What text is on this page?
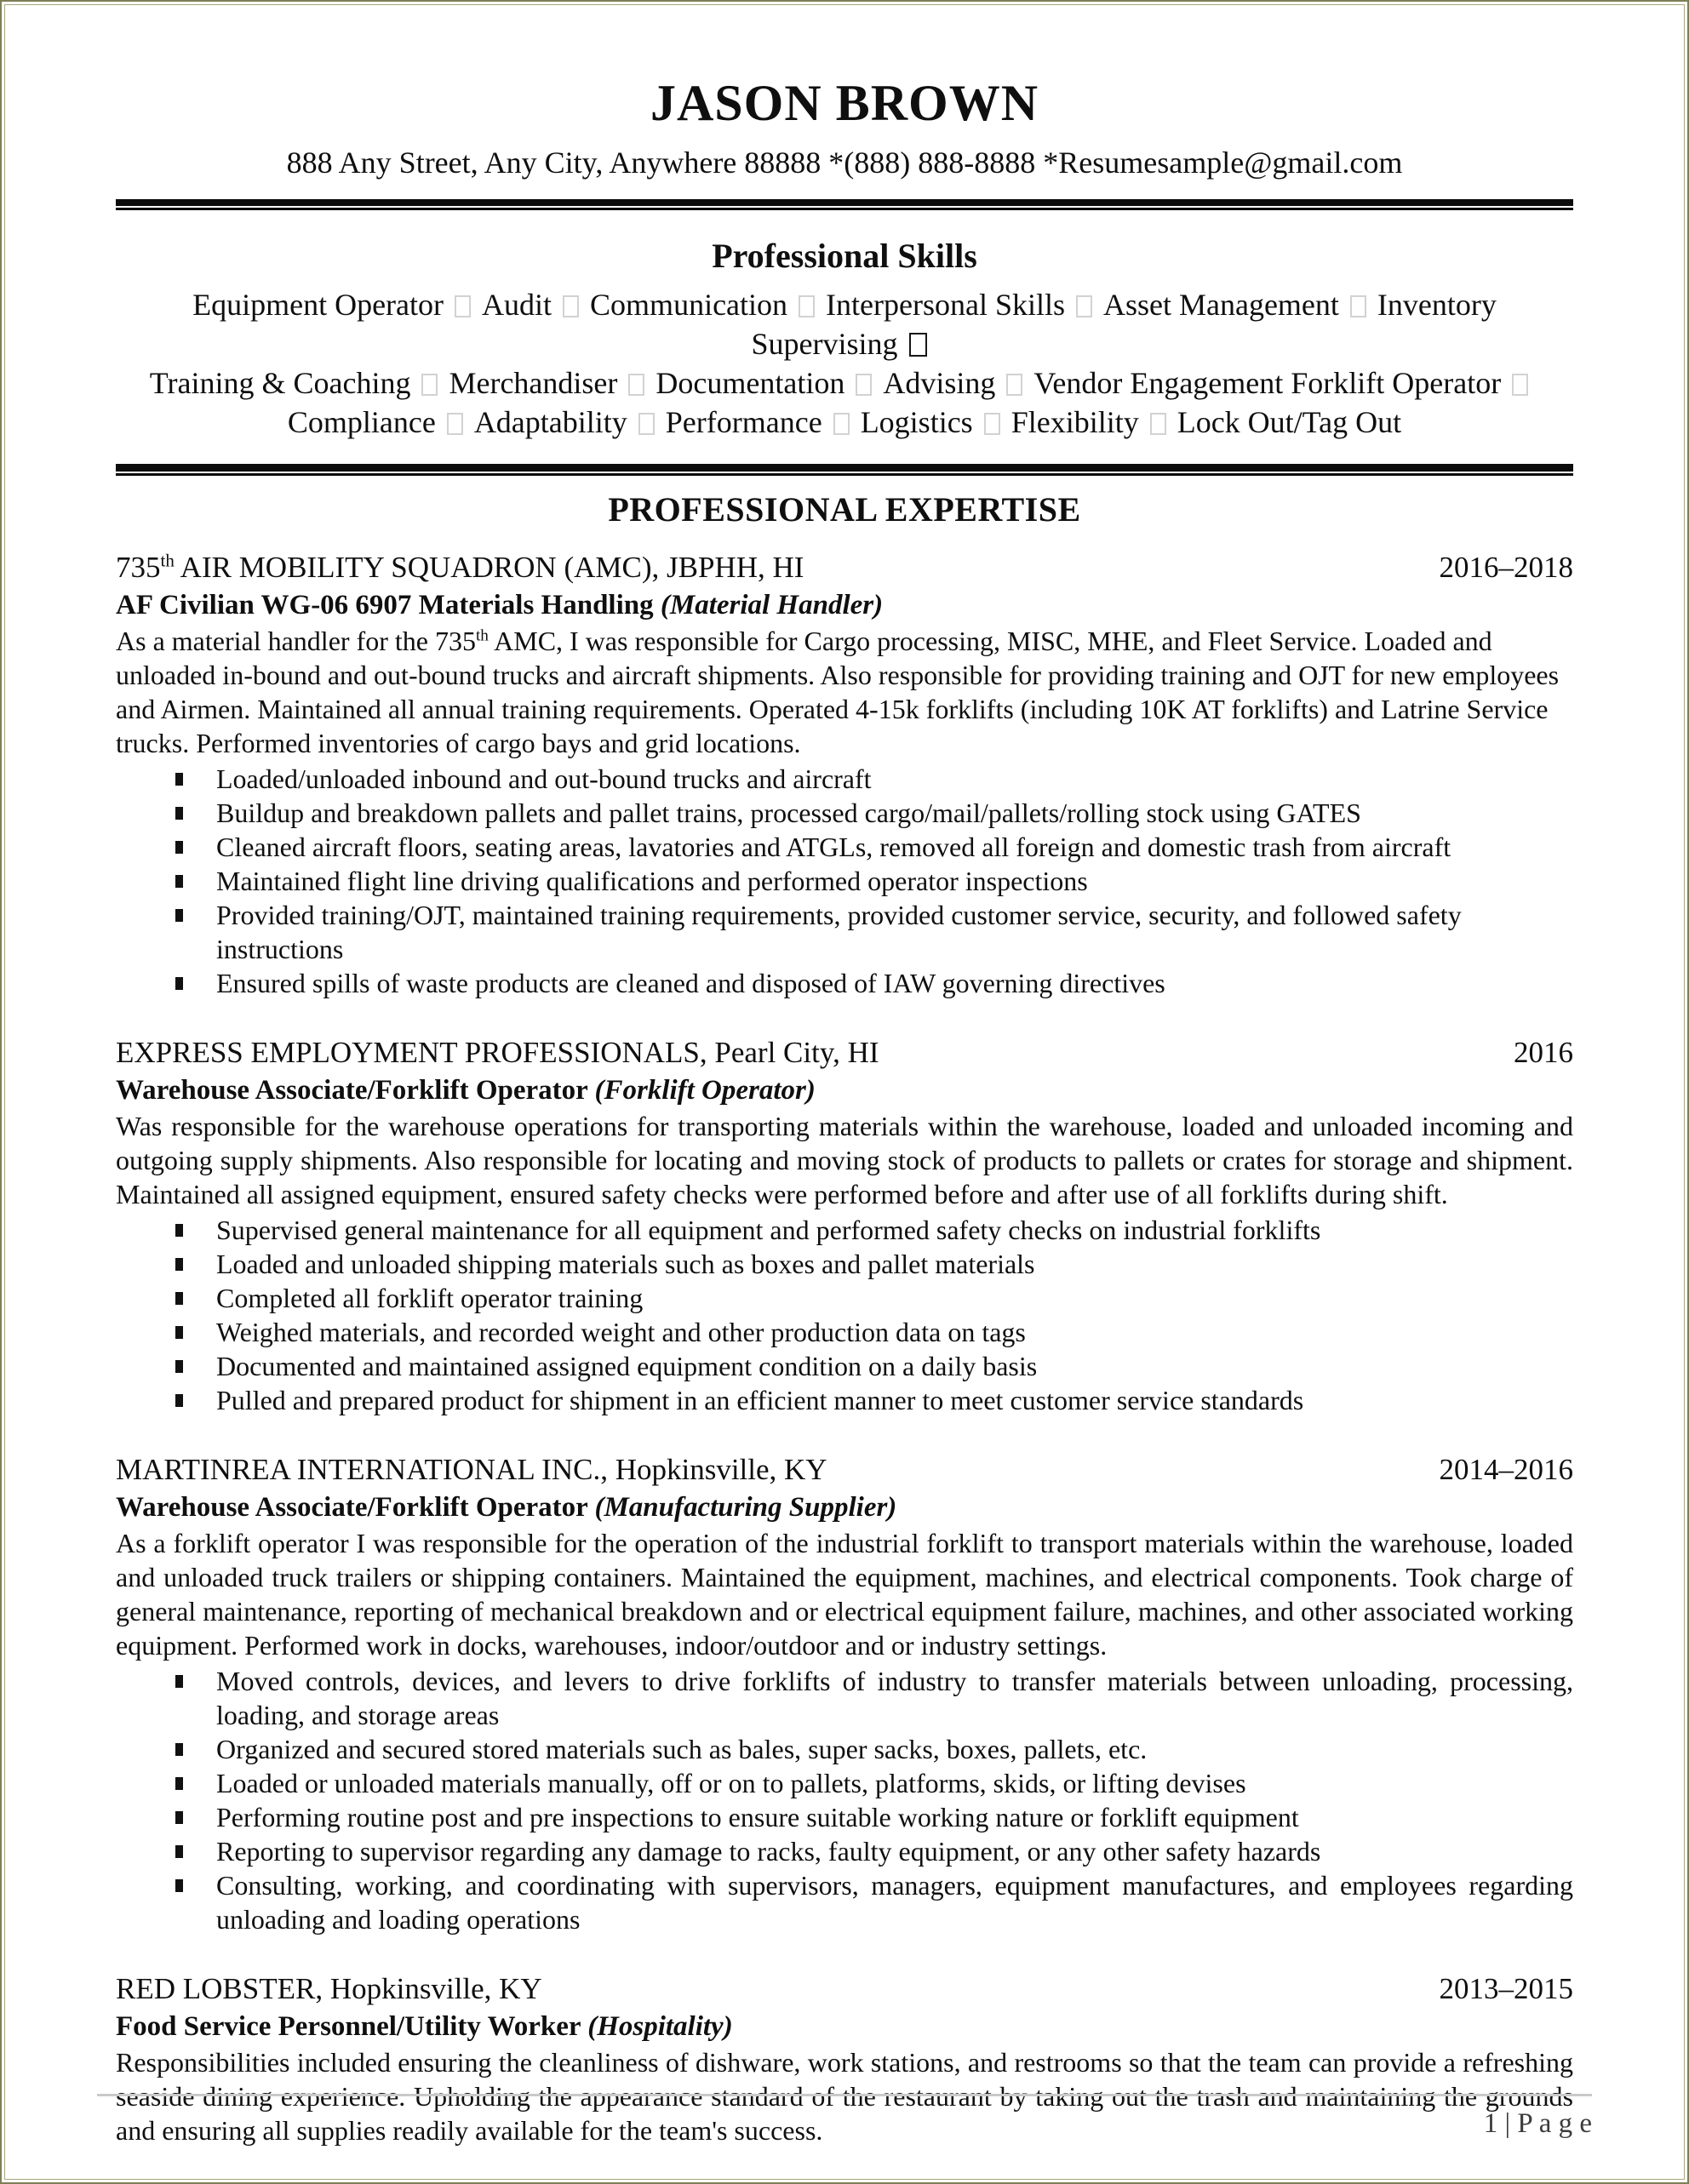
JASON BROWN
888 Any Street, Any City, Anywhere 88888 *(888) 888-8888 *Resumesample@gmail.com
Professional Skills
Equipment Operator Audit Communication Interpersonal Skills Asset Management Inventory Supervising
Training & Coaching Merchandiser Documentation Advising Vendor Engagement Forklift Operator
Compliance Adaptability Performance Logistics Flexibility Lock Out/Tag Out
PROFESSIONAL EXPERTISE
735th AIR MOBILITY SQUADRON (AMC), JBPHH, HI	2016–2018
AF Civilian WG-06 6907 Materials Handling (Material Handler)

As a material handler for the 735th AMC, I was responsible for Cargo processing, MISC, MHE, and Fleet Service. Loaded and unloaded in-bound and out-bound trucks and aircraft shipments. Also responsible for providing training and OJT for new employees and Airmen. Maintained all annual training requirements. Operated 4-15k forklifts (including 10K AT forklifts) and Latrine Service trucks. Performed inventories of cargo bays and grid locations.

Loaded/unloaded inbound and out-bound trucks and aircraft
Buildup and breakdown pallets and pallet trains, processed cargo/mail/pallets/rolling stock using GATES
Cleaned aircraft floors, seating areas, lavatories and ATGLs, removed all foreign and domestic trash from aircraft
Maintained flight line driving qualifications and performed operator inspections
Provided training/OJT, maintained training requirements, provided customer service, security, and followed safety instructions
Ensured spills of waste products are cleaned and disposed of IAW governing directives
EXPRESS EMPLOYMENT PROFESSIONALS, Pearl City, HI	2016
Warehouse Associate/Forklift Operator (Forklift Operator)

Was responsible for the warehouse operations for transporting materials within the warehouse, loaded and unloaded incoming and outgoing supply shipments. Also responsible for locating and moving stock of products to pallets or crates for storage and shipment. Maintained all assigned equipment, ensured safety checks were performed before and after use of all forklifts during shift.

Supervised general maintenance for all equipment and performed safety checks on industrial forklifts
Loaded and unloaded shipping materials such as boxes and pallet materials
Completed all forklift operator training
Weighed materials, and recorded weight and other production data on tags
Documented and maintained assigned equipment condition on a daily basis
Pulled and prepared product for shipment in an efficient manner to meet customer service standards
MARTINREA INTERNATIONAL INC., Hopkinsville, KY	2014–2016
Warehouse Associate/Forklift Operator (Manufacturing Supplier)

As a forklift operator I was responsible for the operation of the industrial forklift to transport materials within the warehouse, loaded and unloaded truck trailers or shipping containers. Maintained the equipment, machines, and electrical components. Took charge of general maintenance, reporting of mechanical breakdown and or electrical equipment failure, machines, and other associated working equipment. Performed work in docks, warehouses, indoor/outdoor and or industry settings.

Moved controls, devices, and levers to drive forklifts of industry to transfer materials between unloading, processing, loading, and storage areas
Organized and secured stored materials such as bales, super sacks, boxes, pallets, etc.
Loaded or unloaded materials manually, off or on to pallets, platforms, skids, or lifting devises
Performing routine post and pre inspections to ensure suitable working nature or forklift equipment
Reporting to supervisor regarding any damage to racks, faulty equipment, or any other safety hazards
Consulting, working, and coordinating with supervisors, managers, equipment manufactures, and employees regarding unloading and loading operations
RED LOBSTER, Hopkinsville, KY	2013–2015
Food Service Personnel/Utility Worker (Hospitality)

Responsibilities included ensuring the cleanliness of dishware, work stations, and restrooms so that the team can provide a refreshing seaside dining experience. Upholding the appearance standard of the restaurant by taking out the trash and maintaining the grounds and ensuring all supplies readily available for the team's success.	1 | P a g e
